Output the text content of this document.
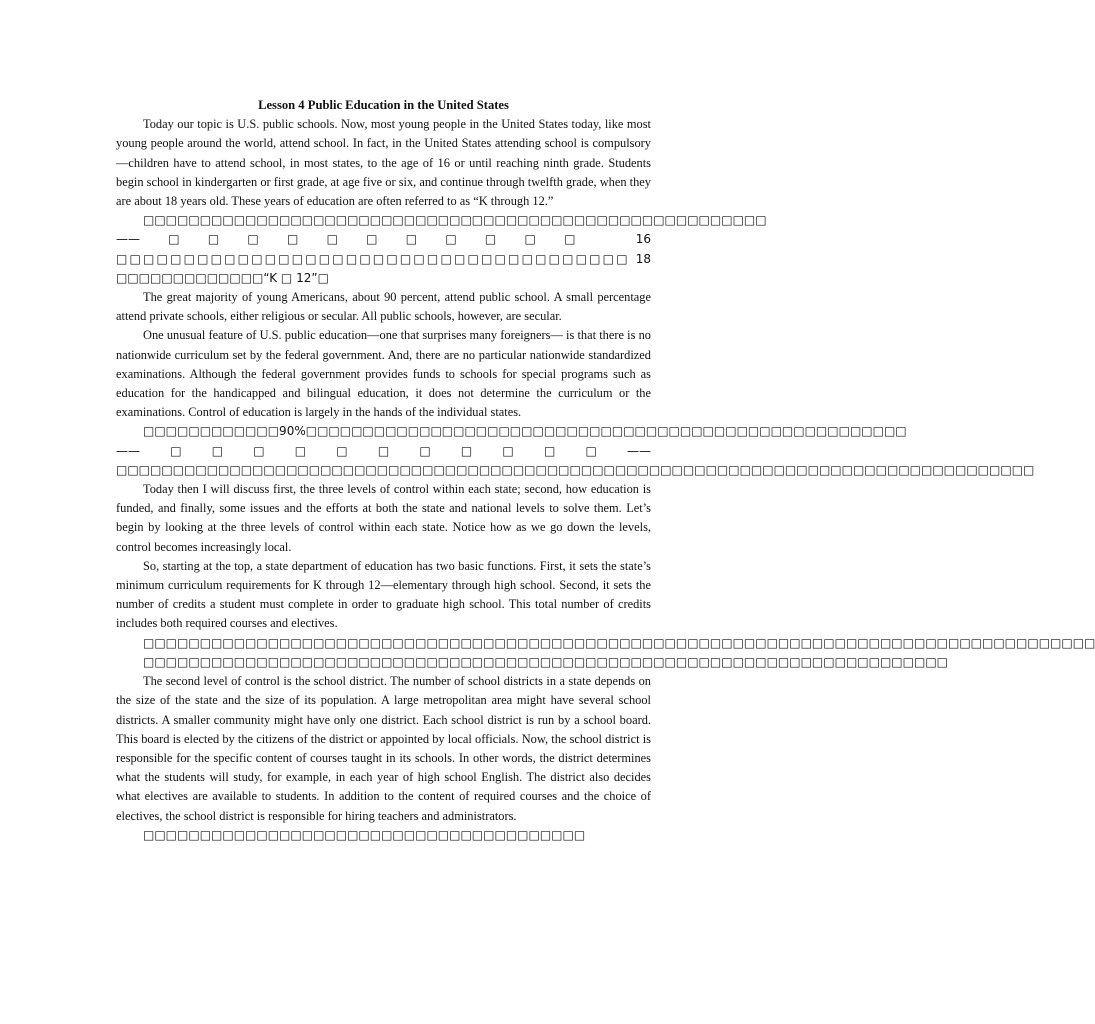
Lesson 4 Public Education in the United States

Today our topic is U.S. public schools. Now, most young people in the United States today, like most young people around the world, attend school. In fact, in the United States attending school is compulsory—children have to attend school, in most states, to the age of 16 or until reaching ninth grade. Students begin school in kindergarten or first grade, at age five or six, and continue through twelfth grade, when they are about 18 years old. These years of education are often referred to as “K through 12.”

□□□□□□□□□□□□□□□□□□□□□□□□□□□□□□□□□□□□□□□□□□□□□□□□□□□□□□□——□□□□□□□□□□□ 16 □□□□□□□□□□□□□□□□□□□□□□□□□□□□□□□□□□□□□□ 18 □□□□□□□□□□□□□“K □ 12”□

The great majority of young Americans, about 90 percent, attend public school. A small percentage attend private schools, either religious or secular. All public schools, however, are secular.

One unusual feature of U.S. public education—one that surprises many foreigners— is that there is no nationwide curriculum set by the federal government. And, there are no particular nationwide standardized examinations. Although the federal government provides funds to schools for special programs such as education for the handicapped and bilingual education, it does not determine the curriculum or the examinations. Control of education is largely in the hands of the individual states.

□□□□□□□□□□□□90%□□□□□□□□□□□□□□□□□□□□□□□□□□□□□□□□□□□□□□□□□□□□□□□□□□□□□——□□□□□□□□□□□——□□□□□□□□□□□□□□□□□□□□□□□□□□□□□□□□□□□□□□□□□□□□□□□□□□□□□□□□□□□□□□□□□□□□□□□□□□□□□□□□□

Today then I will discuss first, the three levels of control within each state; second, how education is funded, and finally, some issues and the efforts at both the state and national levels to solve them. Let’s begin by looking at the three levels of control within each state. Notice how as we go down the levels, control becomes increasingly local.

So, starting at the top, a state department of education has two basic functions. First, it sets the state’s minimum curriculum requirements for K through 12—elementary through high school. Second, it sets the number of credits a student must complete in order to graduate high school. This total number of credits includes both required courses and electives.

□□□□□□□□□□□□□□□□□□□□□□□□□□□□□□□□□□□□□□□□□□□□□□□□□□□□□□□□□□□□□□□□□□□□□□□□□□□□□□□□□□□□

□□□□□□□□□□□□□□□□□□□□□□□□□□□□□□□□□□□□□□□□□□□□□□□□□□□□□□□□□□□□□□□□□□□□□□□

The second level of control is the school district. The number of school districts in a state depends on the size of the state and the size of its population. A large metropolitan area might have several school districts. A smaller community might have only one district. Each school district is run by a school board. This board is elected by the citizens of the district or appointed by local officials. Now, the school district is responsible for the specific content of courses taught in its schools. In other words, the district determines what the students will study, for example, in each year of high school English. The district also decides what electives are available to students. In addition to the content of required courses and the choice of electives, the school district is responsible for hiring teachers and administrators.

□□□□□□□□□□□□□□□□□□□□□□□□□□□□□□□□□□□□□□□
